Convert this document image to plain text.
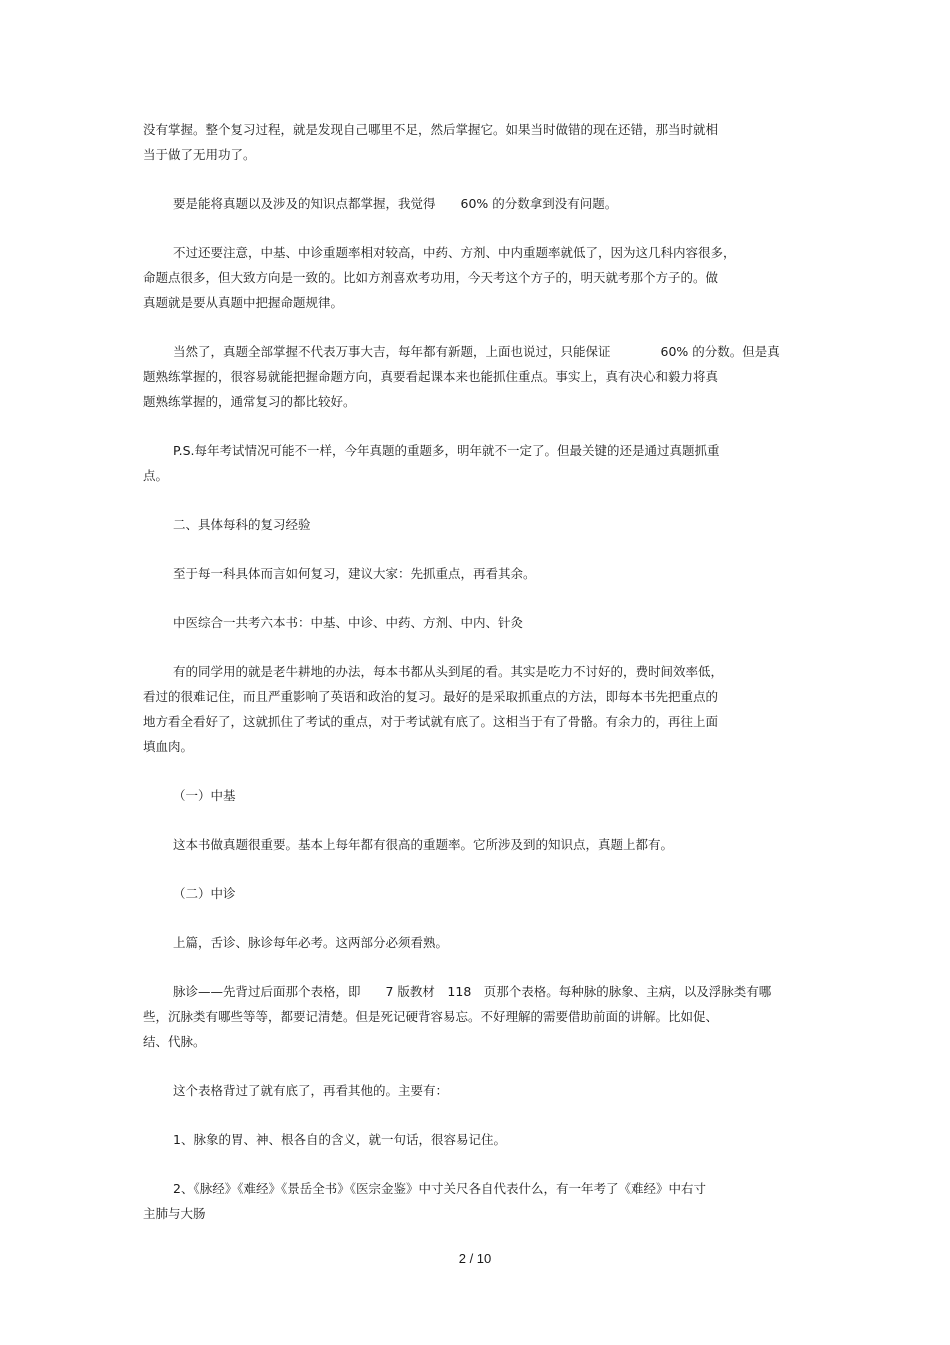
没有掌握。整个复习过程，就是发现自己哪里不足，然后掌握它。如果当时做错的现在还错，那当时就相
当于做了无用功了。
要是能将真题以及涉及的知识点都掌握，我觉得　　60% 的分数拿到没有问题。
不过还要注意，中基、中诊重题率相对较高，中药、方剂、中内重题率就低了，因为这几科内容很多，
命题点很多，但大致方向是一致的。比如方剂喜欢考功用，今天考这个方子的，明天就考那个方子的。做
真题就是要从真题中把握命题规律。
当然了，真题全部掌握不代表万事大吉，每年都有新题，上面也说过，只能保证　　　　60% 的分数。但是真
题熟练掌握的，很容易就能把握命题方向，真要看起课本来也能抓住重点。事实上，真有决心和毅力将真
题熟练掌握的，通常复习的都比较好。
P.S.每年考试情况可能不一样，今年真题的重题多，明年就不一定了。但最关键的还是通过真题抓重
点。
二、具体每科的复习经验
至于每一科具体而言如何复习，建议大家：先抓重点，再看其余。
中医综合一共考六本书：中基、中诊、中药、方剂、中内、针灸
有的同学用的就是老牛耕地的办法，每本书都从头到尾的看。其实是吃力不讨好的，费时间效率低，
看过的很难记住，而且严重影响了英语和政治的复习。最好的是采取抓重点的方法，即每本书先把重点的
地方看全看好了，这就抓住了考试的重点，对于考试就有底了。这相当于有了骨骼。有余力的，再往上面
填血肉。
（一）中基
这本书做真题很重要。基本上每年都有很高的重题率。它所涉及到的知识点，真题上都有。
（二）中诊
上篇，舌诊、脉诊每年必考。这两部分必须看熟。
脉诊——先背过后面那个表格，即　　7 版教材　118　页那个表格。每种脉的脉象、主病，以及浮脉类有哪
些，沉脉类有哪些等等，都要记清楚。但是死记硬背容易忘。不好理解的需要借助前面的讲解。比如促、
结、代脉。
这个表格背过了就有底了，再看其他的。主要有：
1、脉象的胃、神、根各自的含义，就一句话，很容易记住。
2、《脉经》《难经》《景岳全书》《医宗金鉴》中寸关尺各自代表什么，有一年考了《难经》中右寸
主肺与大肠
2 / 10
